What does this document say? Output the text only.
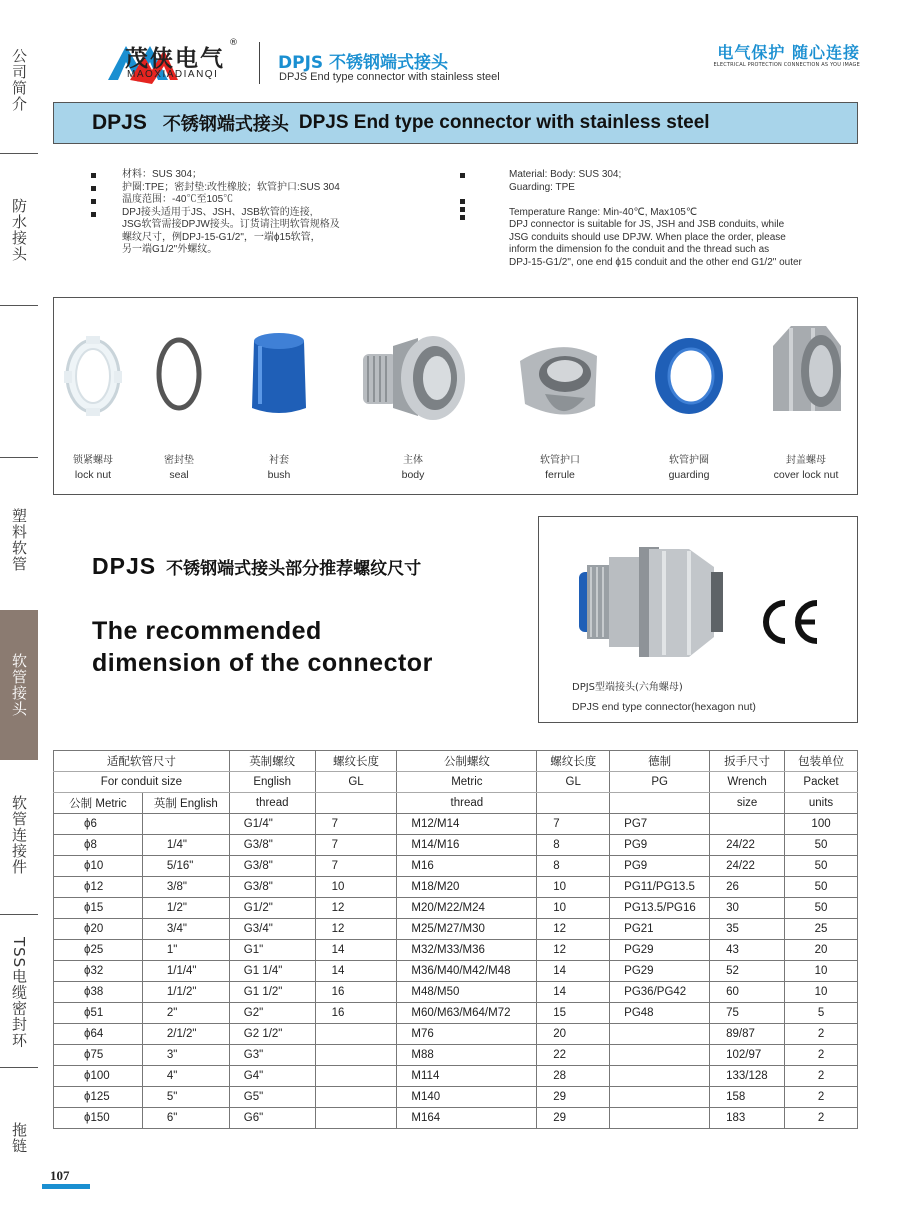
公司简介
防水接头
塑料软管
软管接头
软管连接件
TSS电缆密封环
拖链
茂侠电气
®
MAOXIADIANQI
DPJS 不锈钢端式接头
DPJS End type connector with stainless steel
电气保护 随心连接
ELECTRICAL PROTECTION CONNECTION AS YOU IMAGE
DPJS 不锈钢端式接头 DPJS End type connector with stainless steel
材料：SUS 304；
护圈:TPE；密封垫:改性橡胶；软管护口:SUS 304
温度范围：-40℃至105℃
DPJ接头适用于JS、JSH、JSB软管的连接,
JSG软管需接DPJW接头。订货请注明软管规格及
螺纹尺寸，例DPJ-15-G1/2"，一端ϕ15软管，
另一端G1/2"外螺纹。
Material: Body: SUS 304;
Guarding: TPE
Temperature Range: Min-40℃, Max105℃
DPJ connector is suitable for JS, JSH and JSB conduits, while
JSG conduits should use DPJW. When place the order, please
inform the dimension fo the conduit and the thread such as
DPJ-15-G1/2", one end ϕ15 conduit and the other end G1/2" outer
锁紧螺母
lock nut
密封垫
seal
衬套
bush
主体
body
软管护口
ferrule
软管护圈
guarding
封盖螺母
cover lock nut
DPJS 不锈钢端式接头部分推荐螺纹尺寸
The recommended
dimension of the connector
DPJS型端接头(六角螺母)
DPJS end type connector(hexagon nut)
适配软管尺寸		英制螺纹	螺纹长度	公制螺纹	螺纹长度	德制	扳手尺寸	包装单位
For conduit size		English	GL	Metric	GL	PG	Wrench	Packet
公制 Metric	英制 English	thread		thread			size	units
ϕ6		G1/4"	7	M12/M14	7	PG7		100
ϕ8	1/4"	G3/8"	7	M14/M16	8	PG9	24/22	50
ϕ10	5/16"	G3/8"	7	M16	8	PG9	24/22	50
ϕ12	3/8"	G3/8"	10	M18/M20	10	PG11/PG13.5	26	50
ϕ15	1/2"	G1/2"	12	M20/M22/M24	10	PG13.5/PG16	30	50
ϕ20	3/4"	G3/4"	12	M25/M27/M30	12	PG21	35	25
ϕ25	1"	G1"	14	M32/M33/M36	12	PG29	43	20
ϕ32	1/1/4"	G1 1/4"	14	M36/M40/M42/M48	14	PG29	52	10
ϕ38	1/1/2"	G1 1/2"	16	M48/M50	14	PG36/PG42	60	10
ϕ51	2"	G2"	16	M60/M63/M64/M72	15	PG48	75	5
ϕ64	2/1/2"	G2 1/2"		M76	20		89/87	2
ϕ75	3"	G3"		M88	22		102/97	2
ϕ100	4"	G4"		M114	28		133/128	2
ϕ125	5"	G5"		M140	29		158	2
ϕ150	6"	G6"		M164	29		183	2
107
